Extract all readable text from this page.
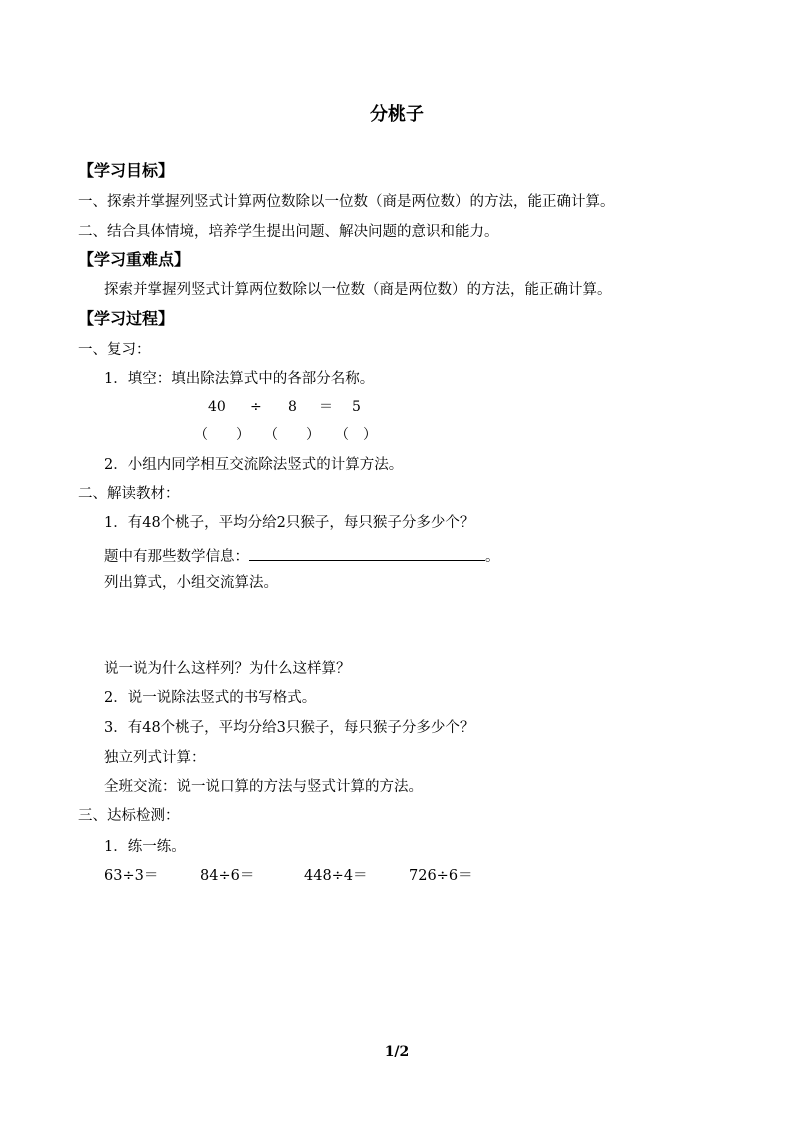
分桃子
【学习目标】
一、探索并掌握列竖式计算两位数除以一位数（商是两位数）的方法，能正确计算。
二、结合具体情境，培养学生提出问题、解决问题的意识和能力。
【学习重难点】
探索并掌握列竖式计算两位数除以一位数（商是两位数）的方法，能正确计算。
【学习过程】
一、复习：
1．填空：填出除法算式中的各部分名称。
40 ÷ 8 ＝ 5
（　　） （　　） （　）
2．小组内同学相互交流除法竖式的计算方法。
二、解读教材：
1．有48个桃子，平均分给2只猴子，每只猴子分多少个？
题中有那些数学信息：	。
列出算式，小组交流算法。
说一说为什么这样列？为什么这样算？
2．说一说除法竖式的书写格式。
3．有48个桃子，平均分给3只猴子，每只猴子分多少个？
独立列式计算：
全班交流：说一说口算的方法与竖式计算的方法。
三、达标检测：
1．练一练。
63÷3＝	84÷6＝	448÷4＝	726÷6＝
1/2
